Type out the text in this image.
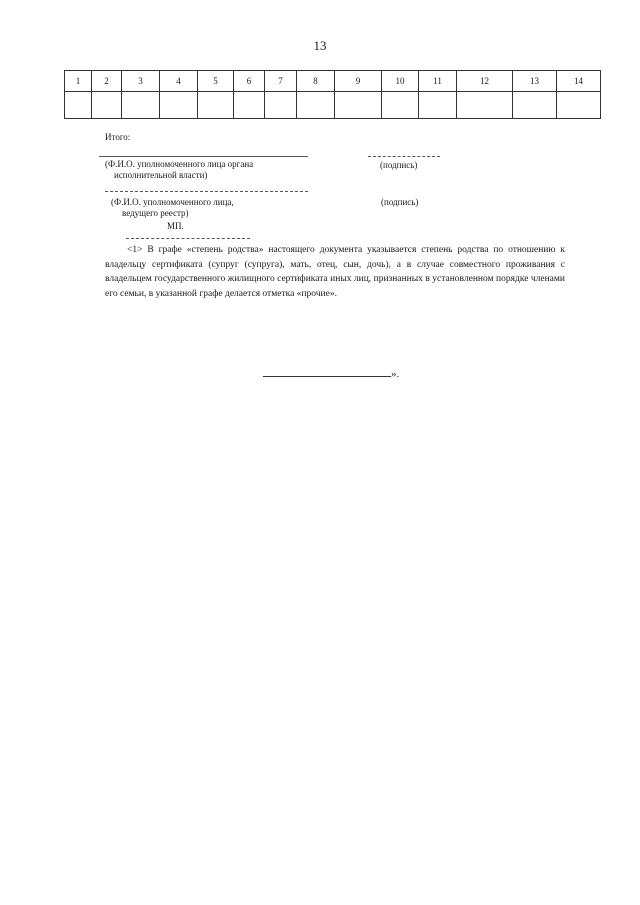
13
1	2	3	4	5	6	7	8	9	10	11	12	13	14

Итого:
(Ф.И.О. уполномоченного лица органа
исполнительной власти)
(подпись)
(Ф.И.О. уполномоченного лица,
ведущего реестр)
(подпись)
МП.
<1> В графе «степень родства» настоящего документа указывается степень родства по отношению к владельцу сертификата (супруг (супруга), мать, отец, сын, дочь), а в случае совместного проживания с владельцем государственного жилищного сертификата иных лиц, признанных в установленном порядке членами его семьи, в указанной графе делается отметка «прочие».
».
